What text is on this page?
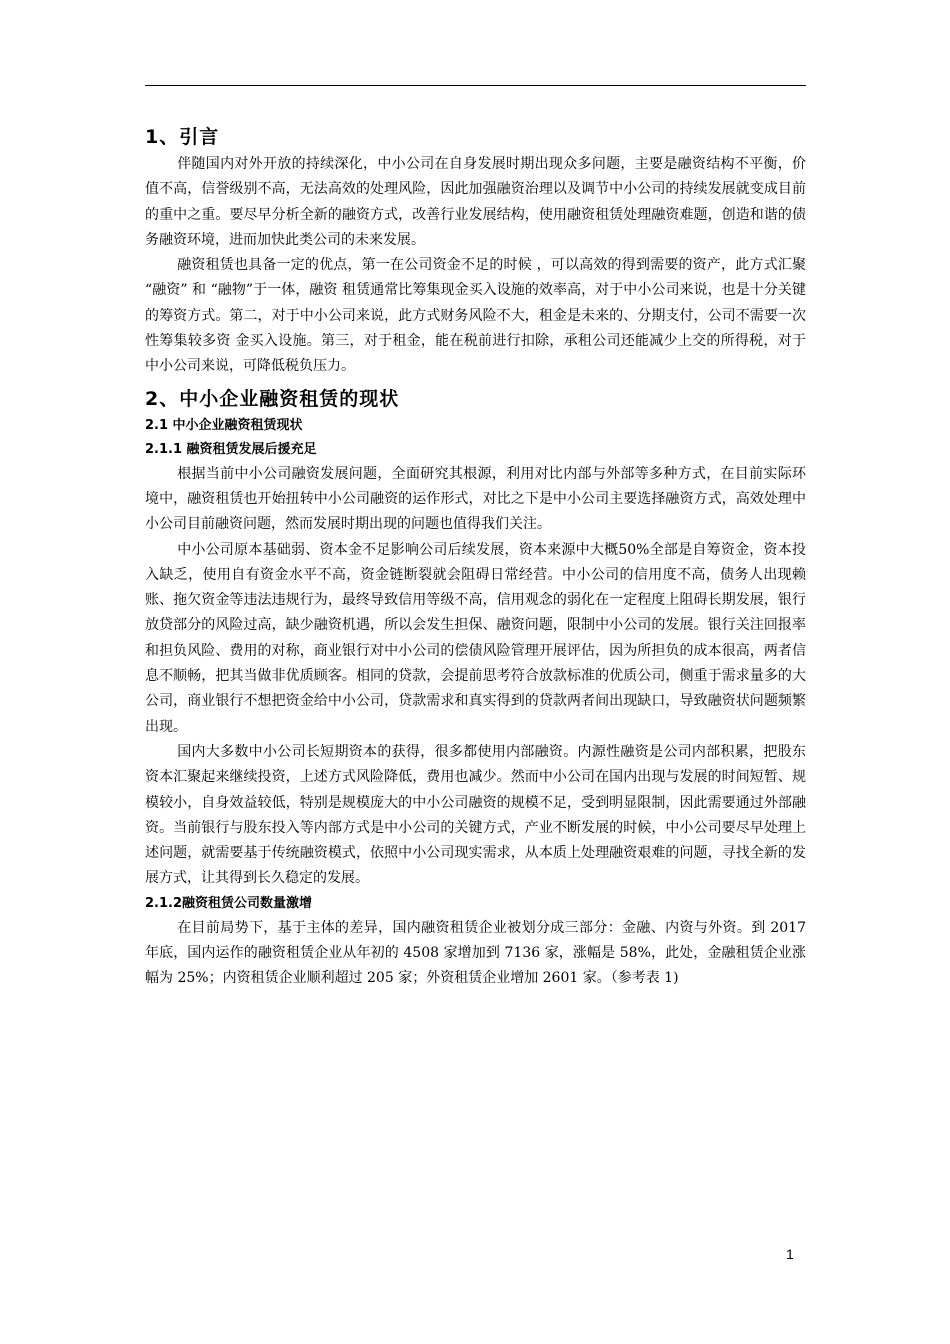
1、引言

伴随国内对外开放的持续深化，中小公司在自身发展时期出现众多问题，主要是融资结构不平衡，价值不高，信誉级别不高，无法高效的处理风险，因此加强融资治理以及调节中小公司的持续发展就变成目前的重中之重。要尽早分析全新的融资方式，改善行业发展结构，使用融资租赁处理融资难题，创造和谐的债务融资环境，进而加快此类公司的未来发展。

融资租赁也具备一定的优点，第一在公司资金不足的时候 ，可以高效的得到需要的资产，此方式汇聚 “融资” 和 “融物”于一体，融资 租赁通常比筹集现金买入设施的效率高，对于中小公司来说，也是十分关键的筹资方式。第二，对于中小公司来说，此方式财务风险不大，租金是未来的、分期支付，公司不需要一次性筹集较多资 金买入设施。第三，对于租金，能在税前进行扣除，承租公司还能减少上交的所得税，对于中小公司来说，可降低税负压力。

2、中小企业融资租赁的现状
2.1 中小企业融资租赁现状
2.1.1 融资租赁发展后援充足

根据当前中小公司融资发展问题，全面研究其根源，利用对比内部与外部等多种方式，在目前实际环境中，融资租赁也开始扭转中小公司融资的运作形式，对比之下是中小公司主要选择融资方式，高效处理中小公司目前融资问题，然而发展时期出现的问题也值得我们关注。

中小公司原本基础弱、资本金不足影响公司后续发展，资本来源中大概50%全部是自筹资金，资本投入缺乏，使用自有资金水平不高，资金链断裂就会阻碍日常经营。中小公司的信用度不高，债务人出现赖账、拖欠资金等违法违规行为，最终导致信用等级不高，信用观念的弱化在一定程度上阻碍长期发展，银行放贷部分的风险过高，缺少融资机遇，所以会发生担保、融资问题，限制中小公司的发展。银行关注回报率和担负风险、费用的对称，商业银行对中小公司的偿债风险管理开展评估，因为所担负的成本很高，两者信息不顺畅，把其当做非优质顾客。相同的贷款，会提前思考符合放款标准的优质公司，侧重于需求量多的大公司，商业银行不想把资金给中小公司，贷款需求和真实得到的贷款两者间出现缺口，导致融资状问题频繁出现。

国内大多数中小公司长短期资本的获得，很多都使用内部融资。内源性融资是公司内部积累，把股东资本汇聚起来继续投资，上述方式风险降低，费用也减少。然而中小公司在国内出现与发展的时间短暂、规模较小，自身效益较低，特别是规模庞大的中小公司融资的规模不足，受到明显限制，因此需要通过外部融资。当前银行与股东投入等内部方式是中小公司的关键方式，产业不断发展的时候，中小公司要尽早处理上述问题，就需要基于传统融资模式，依照中小公司现实需求，从本质上处理融资艰难的问题，寻找全新的发展方式，让其得到长久稳定的发展。

2.1.2融资租赁公司数量激增

在目前局势下，基于主体的差异，国内融资租赁企业被划分成三部分：金融、内资与外资。到 2017 年底，国内运作的融资租赁企业从年初的 4508 家增加到 7136 家，涨幅是 58%，此处，金融租赁企业涨幅为 25%；内资租赁企业顺利超过 205 家；外资租赁企业增加 2601 家。（参考表 1)

1
